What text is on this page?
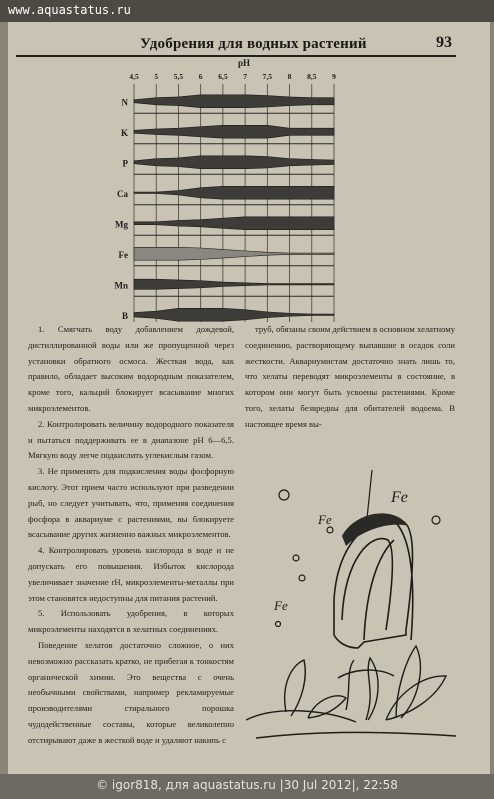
www.aquastatus.ru
Удобрения для водных растений	93
pH
4,5 5 5,5 6 6,5 7 7,5 8 8,5 9
N
K
P
Ca
Mg
Fe
Mn
B

1. Смягчать воду добавлением дождевой, дистиллированной воды или же пропущенной через установки обратного осмоса. Жесткая вода, как правило, обладает высоким водородным показателем, кроме того, кальций блокирует всасывание многих микроэлементов.

2. Контролировать величину водородного показателя и пытаться поддерживать ее в диапазоне рН 6—6,5. Мягкую воду легче подкислить углекислым газом.

3. Не применять для подкисления воды фосфорную кислоту. Этот прием часто используют при разведении рыб, но следует учитывать, что, применяя соединения фосфора в аквариуме с растениями, вы блокируете всасывание других жизненно важных микроэлементов.

4. Контролировать уровень кислорода в воде и не допускать его повышения. Избыток кислорода увеличивает значение rH, микроэлементы-металлы при этом становятся недоступны для питания растений.

5. Использовать удобрения, в которых микроэлементы находятся в хелатных соединениях.

Поведение хелатов достаточно сложное, о них невозможно рассказать кратко, не прибегая к тонкостям органической химии. Это вещества с очень необычными свойствами, например рекламируемые производителями стирального порошка чудодейственные составы, которые великолепно отстирывают даже в жесткой воде и удаляют накипь с

труб, обязаны своим действием в основном хелатному соединению, растворяющему выпавшие в осадок соли жесткости. Аквариумистам достаточно знать лишь то, что хелаты переводят микроэлементы в состояние, в котором они могут быть усвоены растениями. Кроме того, хелаты безвредны для обитателей водоема. В настоящее время вы-

Fe
Fe
Fe
© igor818, для aquastatus.ru |30 Jul 2012|, 22:58
